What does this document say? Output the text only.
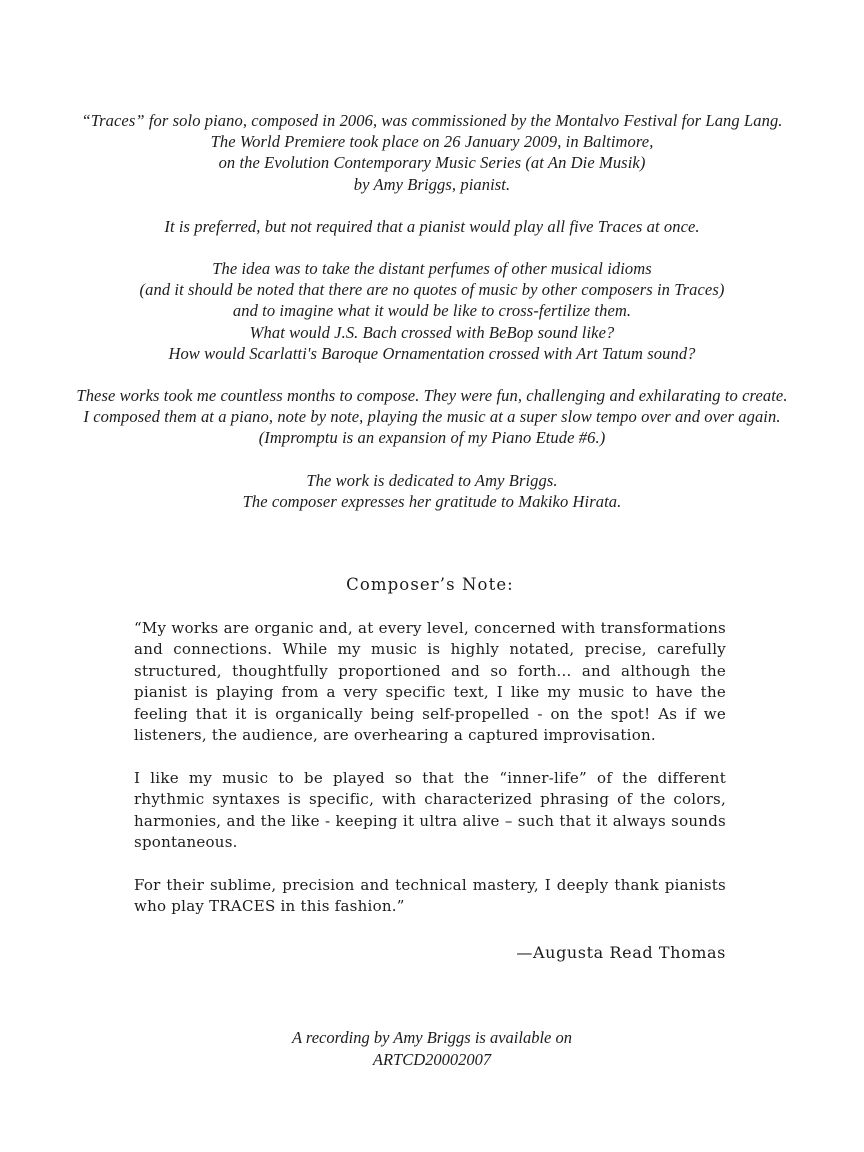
“Traces” for solo piano, composed in 2006, was commissioned by the Montalvo Festival for Lang Lang.
The World Premiere took place on 26 January 2009, in Baltimore,
on the Evolution Contemporary Music Series (at An Die Musik)
by Amy Briggs, pianist.
It is preferred, but not required that a pianist would play all five Traces at once.
The idea was to take the distant perfumes of other musical idioms
(and it should be noted that there are no quotes of music by other composers in Traces)
and to imagine what it would be like to cross-fertilize them.
What would J.S. Bach crossed with BeBop sound like?
How would Scarlatti's Baroque Ornamentation crossed with Art Tatum sound?
These works took me countless months to compose. They were fun, challenging and exhilarating to create.
I composed them at a piano, note by note, playing the music at a super slow tempo over and over again.
(Impromptu is an expansion of my Piano Etude #6.)
The work is dedicated to Amy Briggs.
The composer expresses her gratitude to Makiko Hirata.
Composer’s Note:

“My works are organic and, at every level, concerned with transformations and connections. While my music is highly notated, precise, carefully structured, thoughtfully proportioned and so forth... and although the pianist is playing from a very specific text, I like my music to have the feeling that it is organically being self-propelled - on the spot! As if we listeners, the audience, are overhearing a captured improvisation.

I like my music to be played so that the “inner-life” of the different rhythmic syntaxes is specific, with characterized phrasing of the colors, harmonies, and the like - keeping it ultra alive – such that it always sounds spontaneous.

For their sublime, precision and technical mastery, I deeply thank pianists who play TRACES in this fashion.”

—Augusta Read Thomas
A recording by Amy Briggs is available on
ARTCD20002007
